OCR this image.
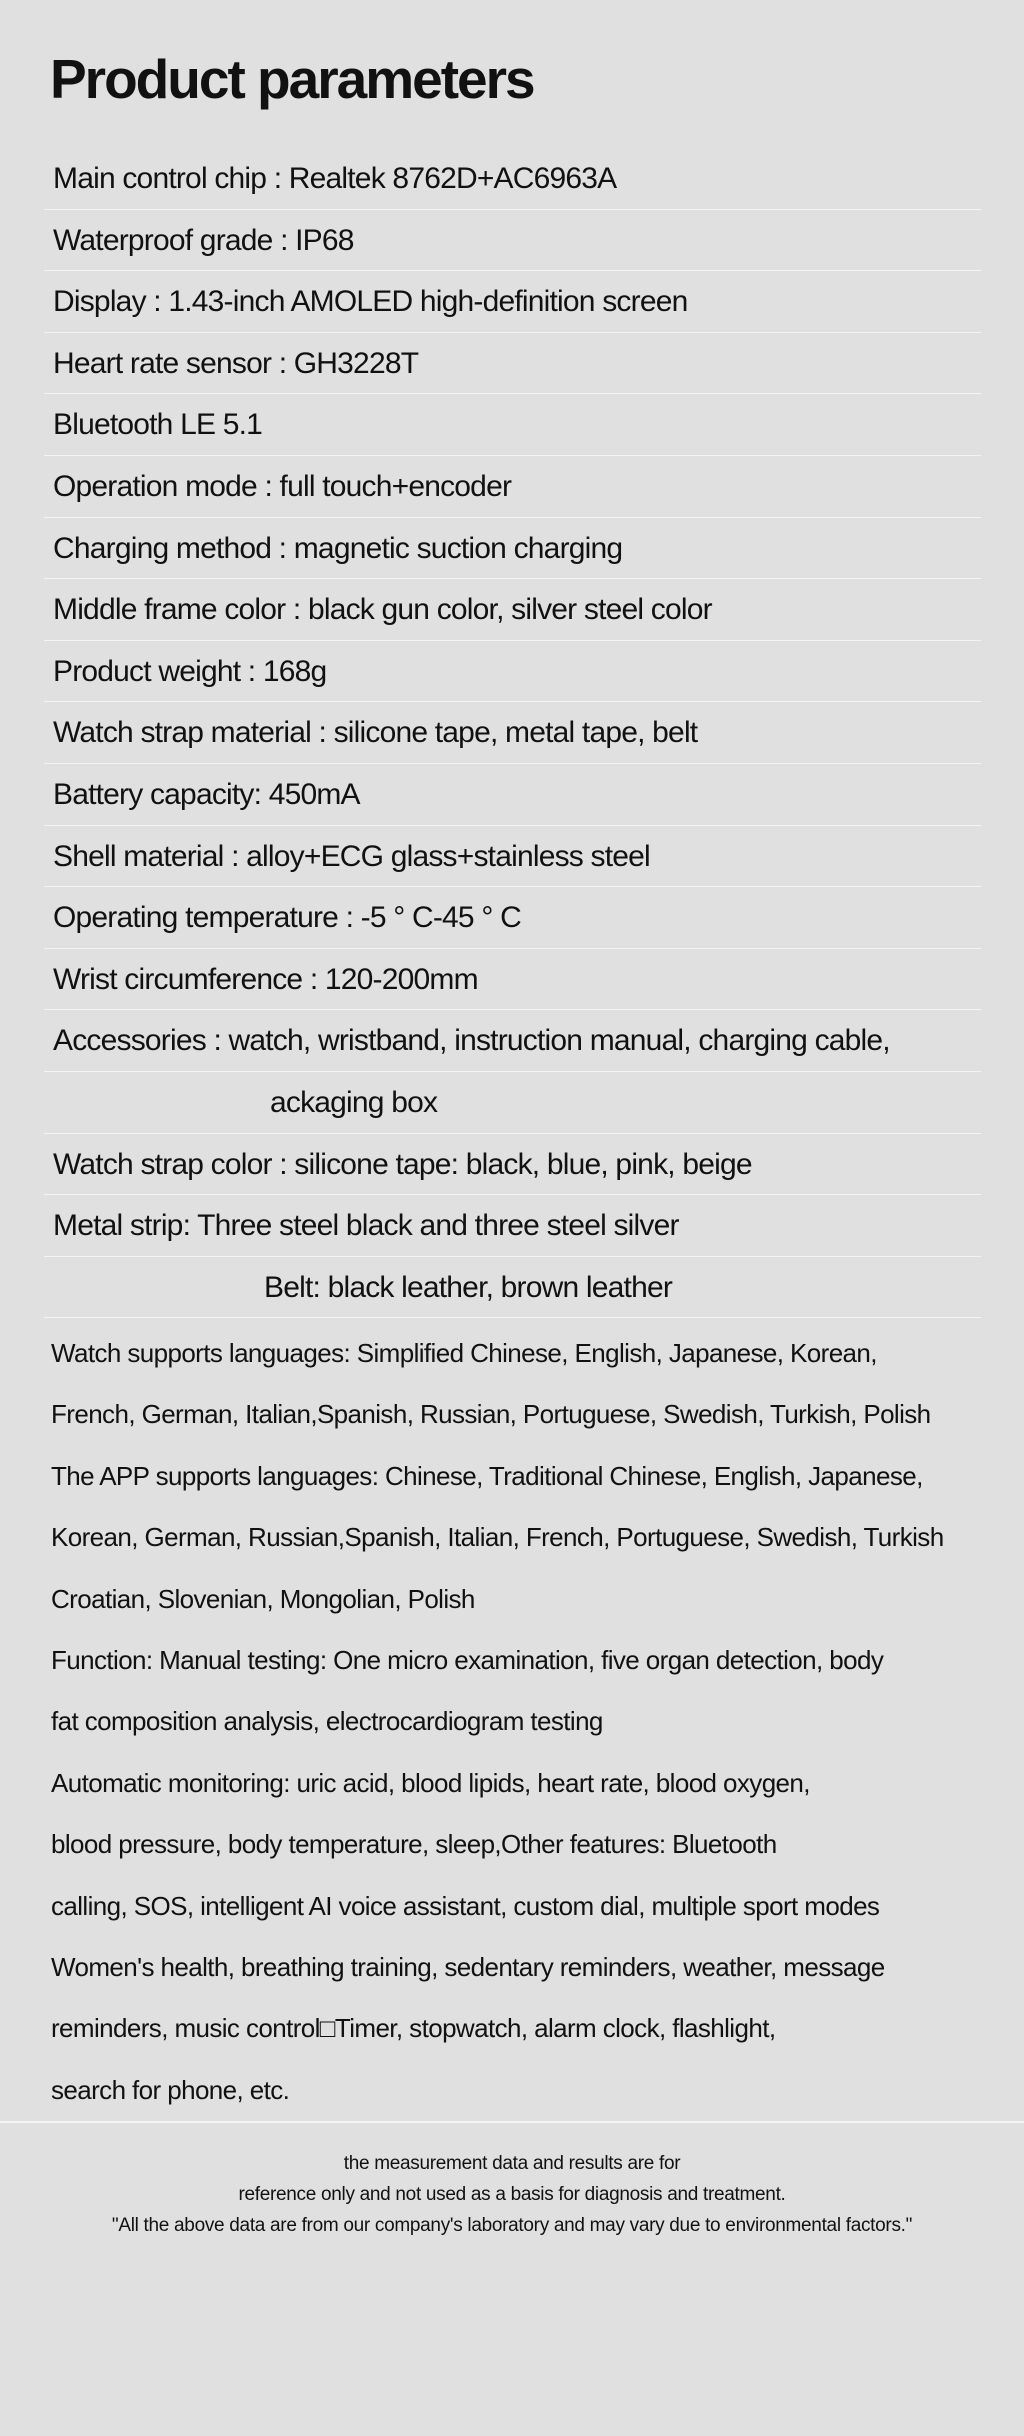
Product parameters
Main control chip : Realtek 8762D+AC6963A
Waterproof grade : IP68
Display : 1.43-inch AMOLED high-definition screen
Heart rate sensor : GH3228T
Bluetooth LE 5.1
Operation mode : full touch+encoder
Charging method : magnetic suction charging
Middle frame color : black gun color, silver steel color
Product weight : 168g
Watch strap material : silicone tape, metal tape, belt
Battery capacity: 450mA
Shell material : alloy+ECG glass+stainless steel
Operating temperature : -5 ° C-45 ° C
Wrist circumference : 120-200mm
Accessories : watch, wristband, instruction manual, charging cable,
ackaging box
Watch strap color : silicone tape: black, blue, pink, beige
Metal strip: Three steel black and three steel silver
Belt: black leather, brown leather
Watch supports languages: Simplified Chinese, English, Japanese, Korean,
French, German, Italian,Spanish, Russian, Portuguese, Swedish, Turkish, Polish
The APP supports languages: Chinese, Traditional Chinese, English, Japanese,
Korean, German, Russian,Spanish, Italian, French, Portuguese, Swedish, Turkish
Croatian, Slovenian, Mongolian, Polish
Function: Manual testing: One micro examination, five organ detection, body
fat composition analysis, electrocardiogram testing
Automatic monitoring: uric acid, blood lipids, heart rate, blood oxygen,
blood pressure, body temperature, sleep,Other features: Bluetooth
calling, SOS, intelligent AI voice assistant, custom dial, multiple sport modes
Women's health, breathing training, sedentary reminders, weather, message
reminders, music control□Timer, stopwatch, alarm clock, flashlight,
search for phone, etc.
the measurement data and results are for
reference only and not used as a basis for diagnosis and treatment.
"All the above data are from our company's laboratory and may vary due to environmental factors."
